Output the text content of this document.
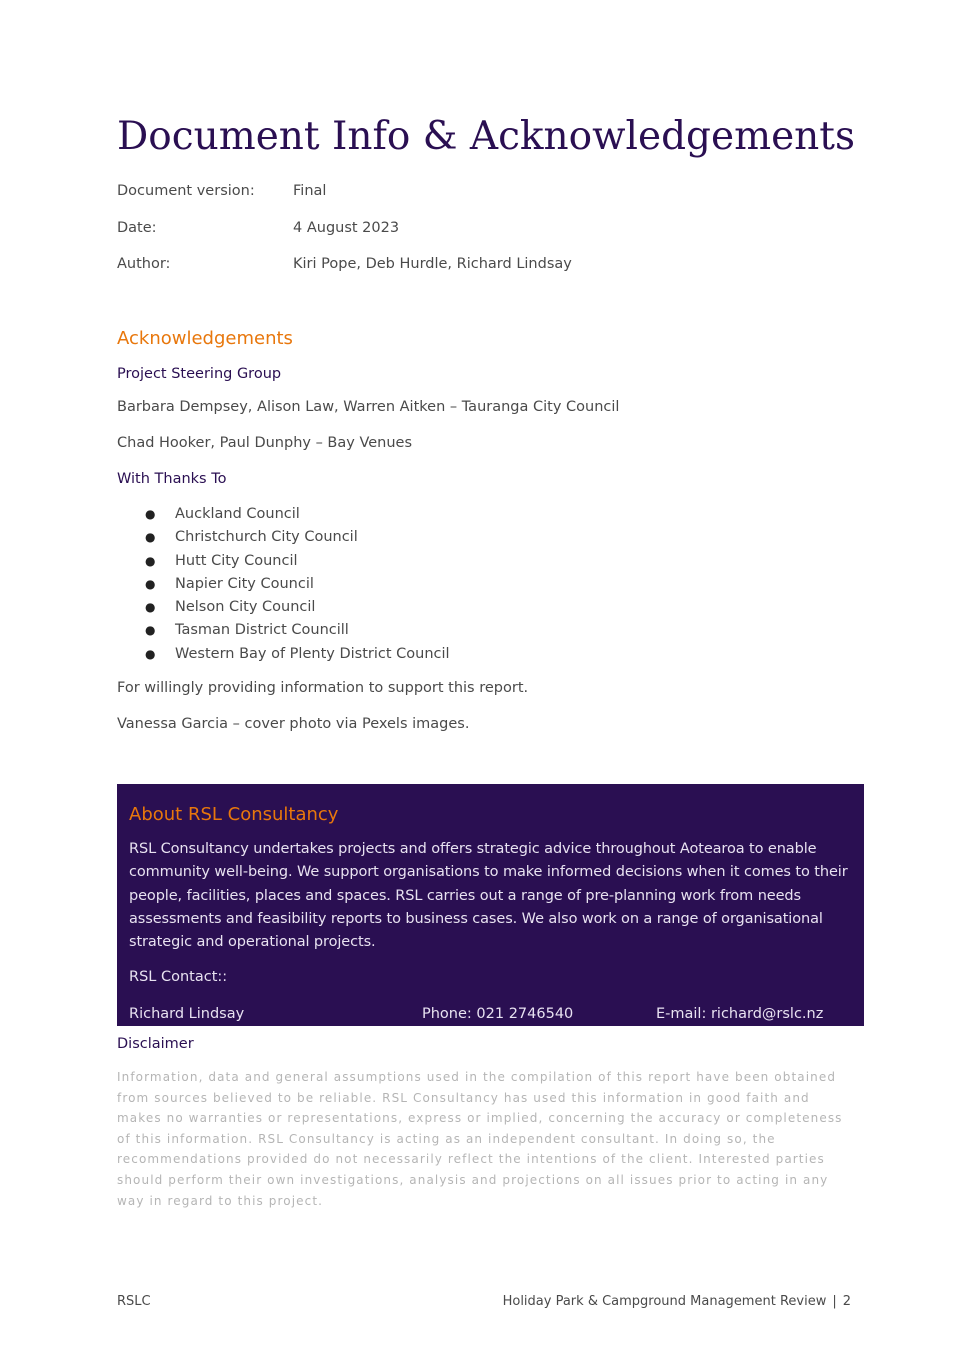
Document Info & Acknowledgements
Document version:	Final
Date:	4 August 2023
Author:	Kiri Pope, Deb Hurdle, Richard Lindsay
Acknowledgements
Project Steering Group

Barbara Dempsey, Alison Law, Warren Aitken – Tauranga City Council

Chad Hooker, Paul Dunphy – Bay Venues

With Thanks To
● Auckland Council
● Christchurch City Council
● Hutt City Council
● Napier City Council
● Nelson City Council
● Tasman District Councill
● Western Bay of Plenty District Council

For willingly providing information to support this report.

Vanessa Garcia – cover photo via Pexels images.

About RSL Consultancy

RSL Consultancy undertakes projects and offers strategic advice throughout Aotearoa to enable community well-being. We support organisations to make informed decisions when it comes to their people, facilities, places and spaces. RSL carries out a range of pre-planning work from needs assessments and feasibility reports to business cases. We also work on a range of organisational strategic and operational projects.

RSL Contact::

Richard Lindsay	Phone: 021 2746540	E-mail: richard@rslc.nz

Disclaimer

Information, data and general assumptions used in the compilation of this report have been obtained from sources believed to be reliable. RSL Consultancy has used this information in good faith and makes no warranties or representations, express or implied, concerning the accuracy or completeness of this information. RSL Consultancy is acting as an independent consultant. In doing so, the recommendations provided do not necessarily reflect the intentions of the client. Interested parties should perform their own investigations, analysis and projections on all issues prior to acting in any way in regard to this project.

RSLC	Holiday Park & Campground Management Review | 2
